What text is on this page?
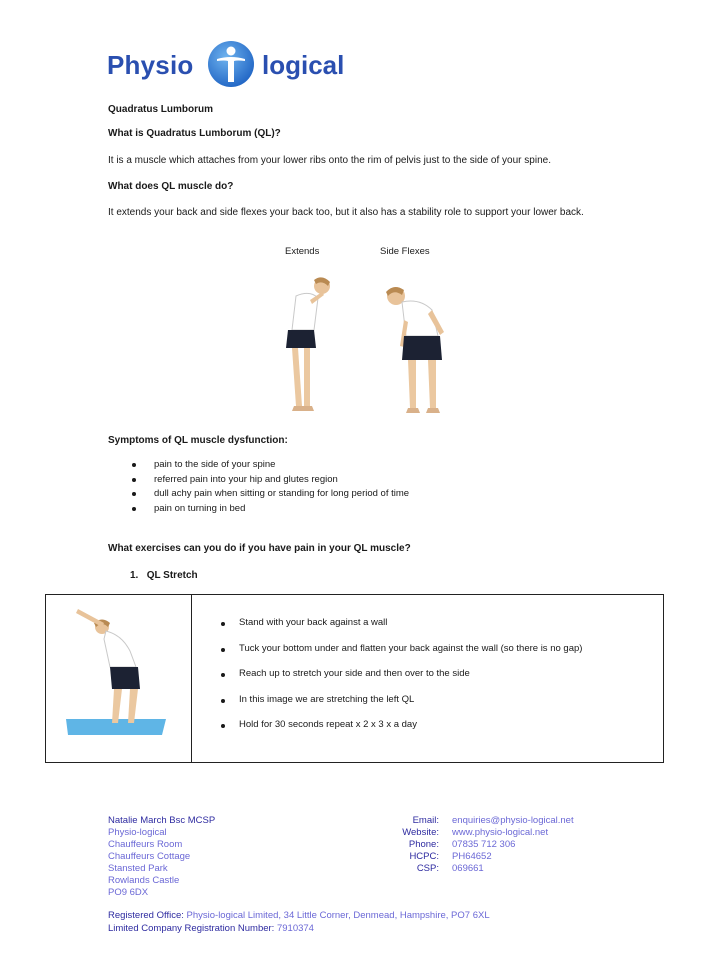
Physio	logical
Quadratus Lumborum
What is Quadratus Lumborum (QL)?
It is a muscle which attaches from your lower ribs onto the rim of pelvis just to the side of your spine.
What does QL muscle do?
It extends your back and side flexes your back too, but it also has a stability role to support your lower back.
Extends	Side Flexes
Symptoms of QL muscle dysfunction:
pain to the side of your spine
referred pain into your hip and glutes region
dull achy pain when sitting or standing for long period of time
pain on turning in bed
What exercises can you do if you have pain in your QL muscle?
1. QL Stretch
Stand with your back against a wall
Tuck your bottom under and flatten your back against the wall (so there is no gap)
Reach up to stretch your side and then over to the side
In this image we are stretching the left QL
Hold for 30 seconds repeat x 2 x 3 x a day
Natalie March Bsc MCSP
Physio-logical
Chauffeurs Room
Chauffeurs Cottage
Stansted Park
Rowlands Castle
PO9 6DX
Email: enquiries@physio-logical.net
Website: www.physio-logical.net
Phone: 07835 712 306
HCPC: PH64652
CSP: 069661
Registered Office: Physio-logical Limited, 34 Little Corner, Denmead, Hampshire, PO7 6XL
Limited Company Registration Number: 7910374
